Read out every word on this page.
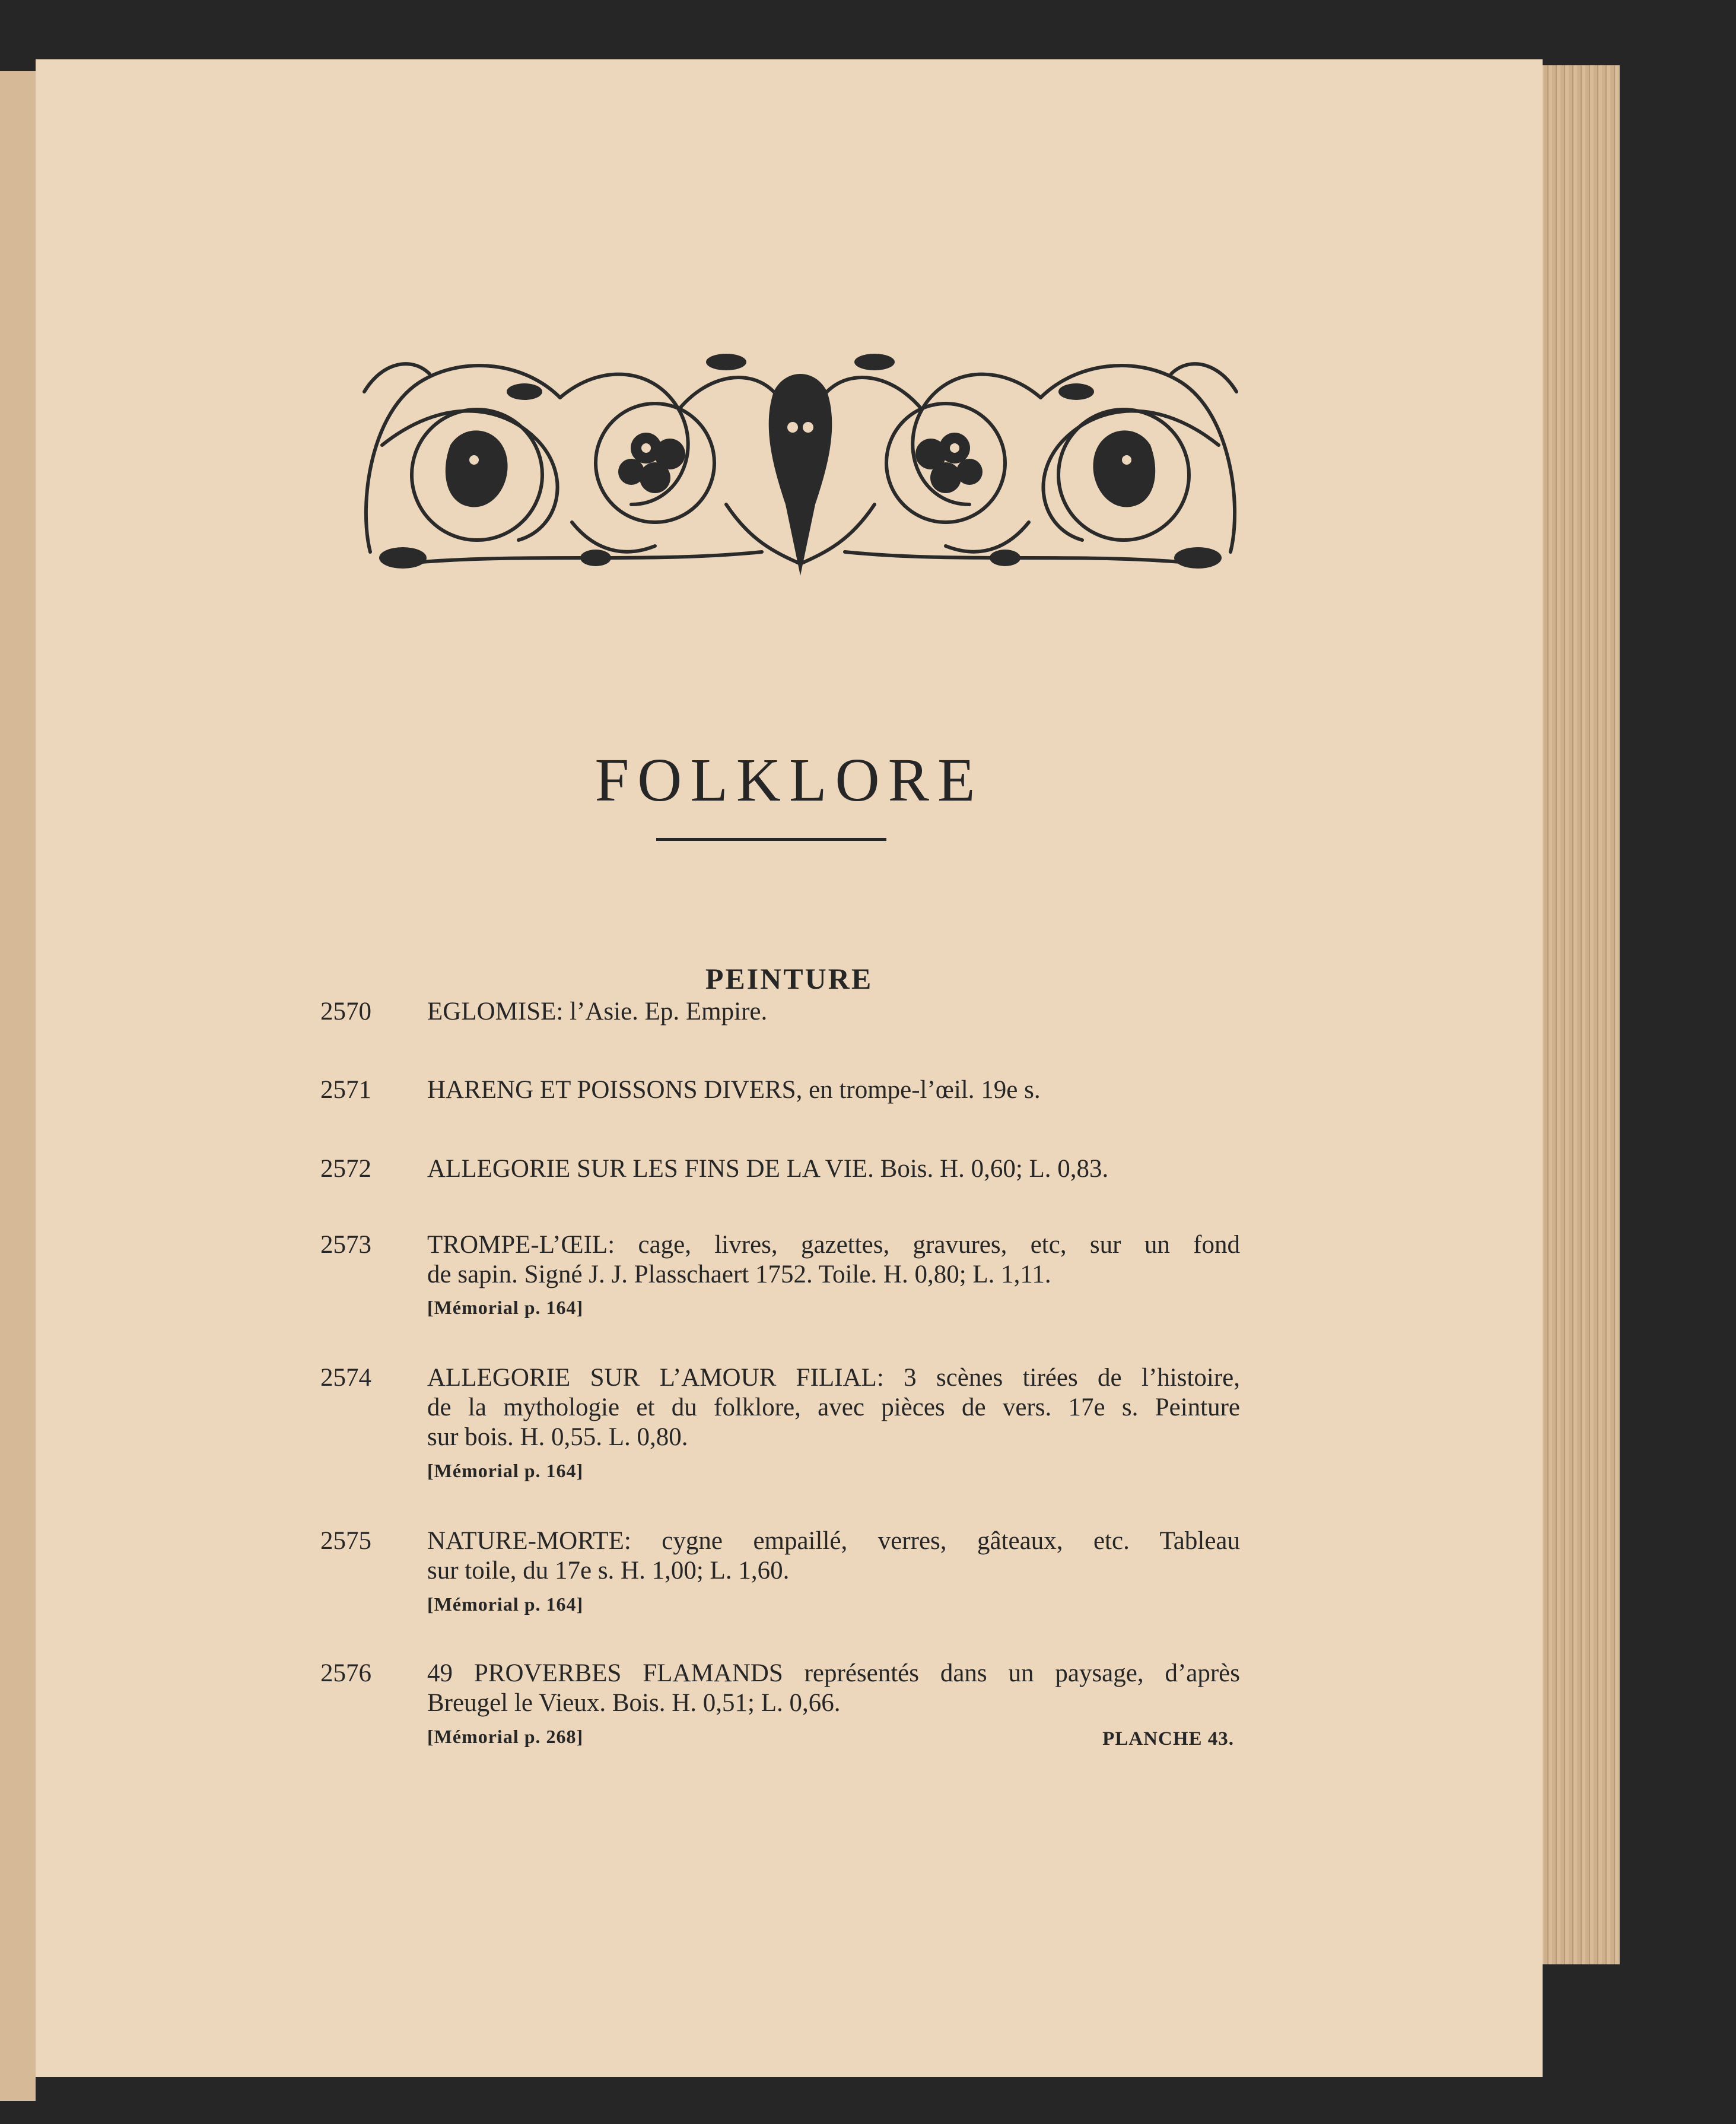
FOLKLORE
PEINTURE
2570 EGLOMISE: l’Asie. Ep. Empire.
2571 HARENG ET POISSONS DIVERS, en trompe-l’œil. 19e s.
2572 ALLEGORIE SUR LES FINS DE LA VIE. Bois. H. 0,60; L. 0,83.
2573 TROMPE-L’ŒIL: cage, livres, gazettes, gravures, etc, sur un fond
de sapin. Signé J. J. Plasschaert 1752. Toile. H. 0,80; L. 1,11.
[Mémorial p. 164]
2574 ALLEGORIE SUR L’AMOUR FILIAL: 3 scènes tirées de l’histoire,
de la mythologie et du folklore, avec pièces de vers. 17e s. Peinture
sur bois. H. 0,55. L. 0,80.
[Mémorial p. 164]
2575 NATURE-MORTE: cygne empaillé, verres, gâteaux, etc. Tableau
sur toile, du 17e s. H. 1,00; L. 1,60.
[Mémorial p. 164]
2576 49 PROVERBES FLAMANDS représentés dans un paysage, d’après
Breugel le Vieux. Bois. H. 0,51; L. 0,66.
[Mémorial p. 268]	PLANCHE 43.
